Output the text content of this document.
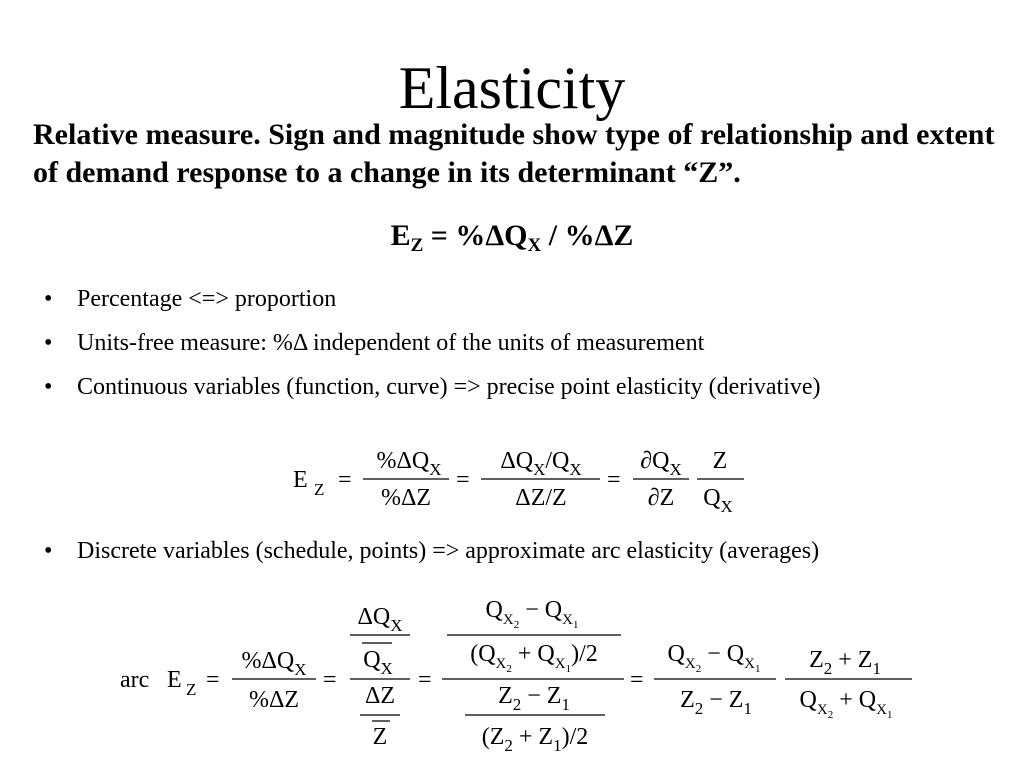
Elasticity
Relative measure. Sign and magnitude show type of relationship and extent of demand response to a change in its determinant “Z”.
$E_Z = \%\Delta Q_X / \%\Delta Z$
• Percentage <=> proportion
• Units-free measure: %Δ independent of the units of measurement
• Continuous variables (function, curve) => precise point elasticity (derivative)
• Discrete variables (schedule, points) => approximate arc elasticity (averages)
E Z =
$\%\Delta Q_X$
%ΔZ
=
$\Delta Q_X/Q_X$
ΔZ/Z
=
$\partial Q_X$
∂Z
Z
$Q_X$
arc E Z =
$\%\Delta Q_X$
%ΔZ
=
$\Delta Q_X$
$Q_X$
ΔZ
Z
=
$Q_X2 - Q_X1$
$(Q_X2 + Q_X1)/2$
$Z_2 - Z_1$
$(Z_2 + Z_1)/2$
=
$Q_X2 - Q_X1$
$Z_2 - Z_1$
$Z_2 + Z_1$
$Q_X2 + Q_X1$
